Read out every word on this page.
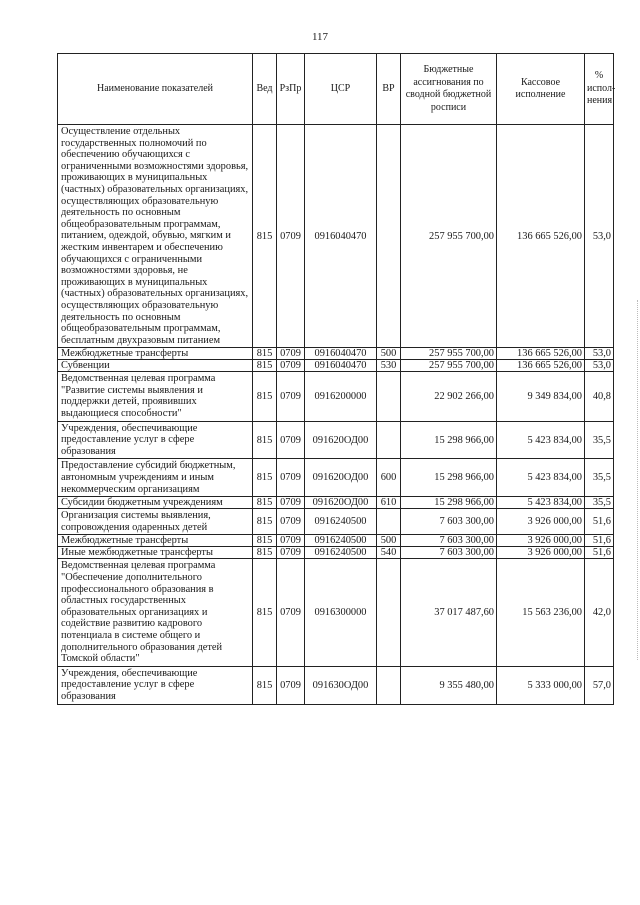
117
Наименование показателей	Вед	РзПр	ЦСР	ВР	Бюджетные ассигнования по сводной бюджетной росписи	Кассовое исполнение	% испол-нения
Осуществление отдельных государственных полномочий по обеспечению обучающихся с ограниченными возможностями здоровья, проживающих в муниципальных (частных) образовательных организациях, осуществляющих образовательную деятельность по основным общеобразовательным программам, питанием, одеждой, обувью, мягким и жестким инвентарем и обеспечению обучающихся с ограниченными возможностями здоровья, не проживающих в муниципальных (частных) образовательных организациях, осуществляющих образовательную деятельность по основным общеобразовательным программам, бесплатным двухразовым питанием	815	0709	0916040470		257 955 700,00	136 665 526,00	53,0
Межбюджетные трансферты	815	0709	0916040470	500	257 955 700,00	136 665 526,00	53,0
Субвенции	815	0709	0916040470	530	257 955 700,00	136 665 526,00	53,0
Ведомственная целевая программа "Развитие системы выявления и поддержки детей, проявивших выдающиеся способности"	815	0709	0916200000		22 902 266,00	9 349 834,00	40,8
Учреждения, обеспечивающие предоставление услуг в сфере образования	815	0709	091620ОД00		15 298 966,00	5 423 834,00	35,5
Предоставление субсидий бюджетным, автономным учреждениям и иным некоммерческим организациям	815	0709	091620ОД00	600	15 298 966,00	5 423 834,00	35,5
Субсидии бюджетным учреждениям	815	0709	091620ОД00	610	15 298 966,00	5 423 834,00	35,5
Организация системы выявления, сопровождения одаренных детей	815	0709	0916240500		7 603 300,00	3 926 000,00	51,6
Межбюджетные трансферты	815	0709	0916240500	500	7 603 300,00	3 926 000,00	51,6
Иные межбюджетные трансферты	815	0709	0916240500	540	7 603 300,00	3 926 000,00	51,6
Ведомственная целевая программа "Обеспечение дополнительного профессионального образования в областных государственных образовательных организациях и содействие развитию кадрового потенциала в системе общего и дополнительного образования детей Томской области"	815	0709	0916300000		37 017 487,60	15 563 236,00	42,0
Учреждения, обеспечивающие предоставление услуг в сфере образования	815	0709	091630ОД00		9 355 480,00	5 333 000,00	57,0
